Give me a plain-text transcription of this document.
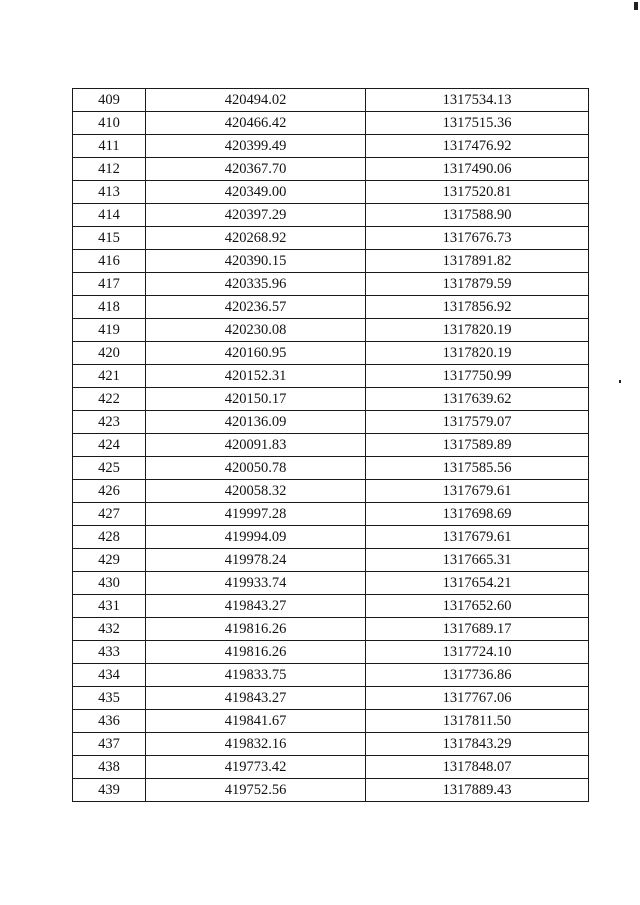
409	420494.02	1317534.13
410	420466.42	1317515.36
411	420399.49	1317476.92
412	420367.70	1317490.06
413	420349.00	1317520.81
414	420397.29	1317588.90
415	420268.92	1317676.73
416	420390.15	1317891.82
417	420335.96	1317879.59
418	420236.57	1317856.92
419	420230.08	1317820.19
420	420160.95	1317820.19
421	420152.31	1317750.99
422	420150.17	1317639.62
423	420136.09	1317579.07
424	420091.83	1317589.89
425	420050.78	1317585.56
426	420058.32	1317679.61
427	419997.28	1317698.69
428	419994.09	1317679.61
429	419978.24	1317665.31
430	419933.74	1317654.21
431	419843.27	1317652.60
432	419816.26	1317689.17
433	419816.26	1317724.10
434	419833.75	1317736.86
435	419843.27	1317767.06
436	419841.67	1317811.50
437	419832.16	1317843.29
438	419773.42	1317848.07
439	419752.56	1317889.43
